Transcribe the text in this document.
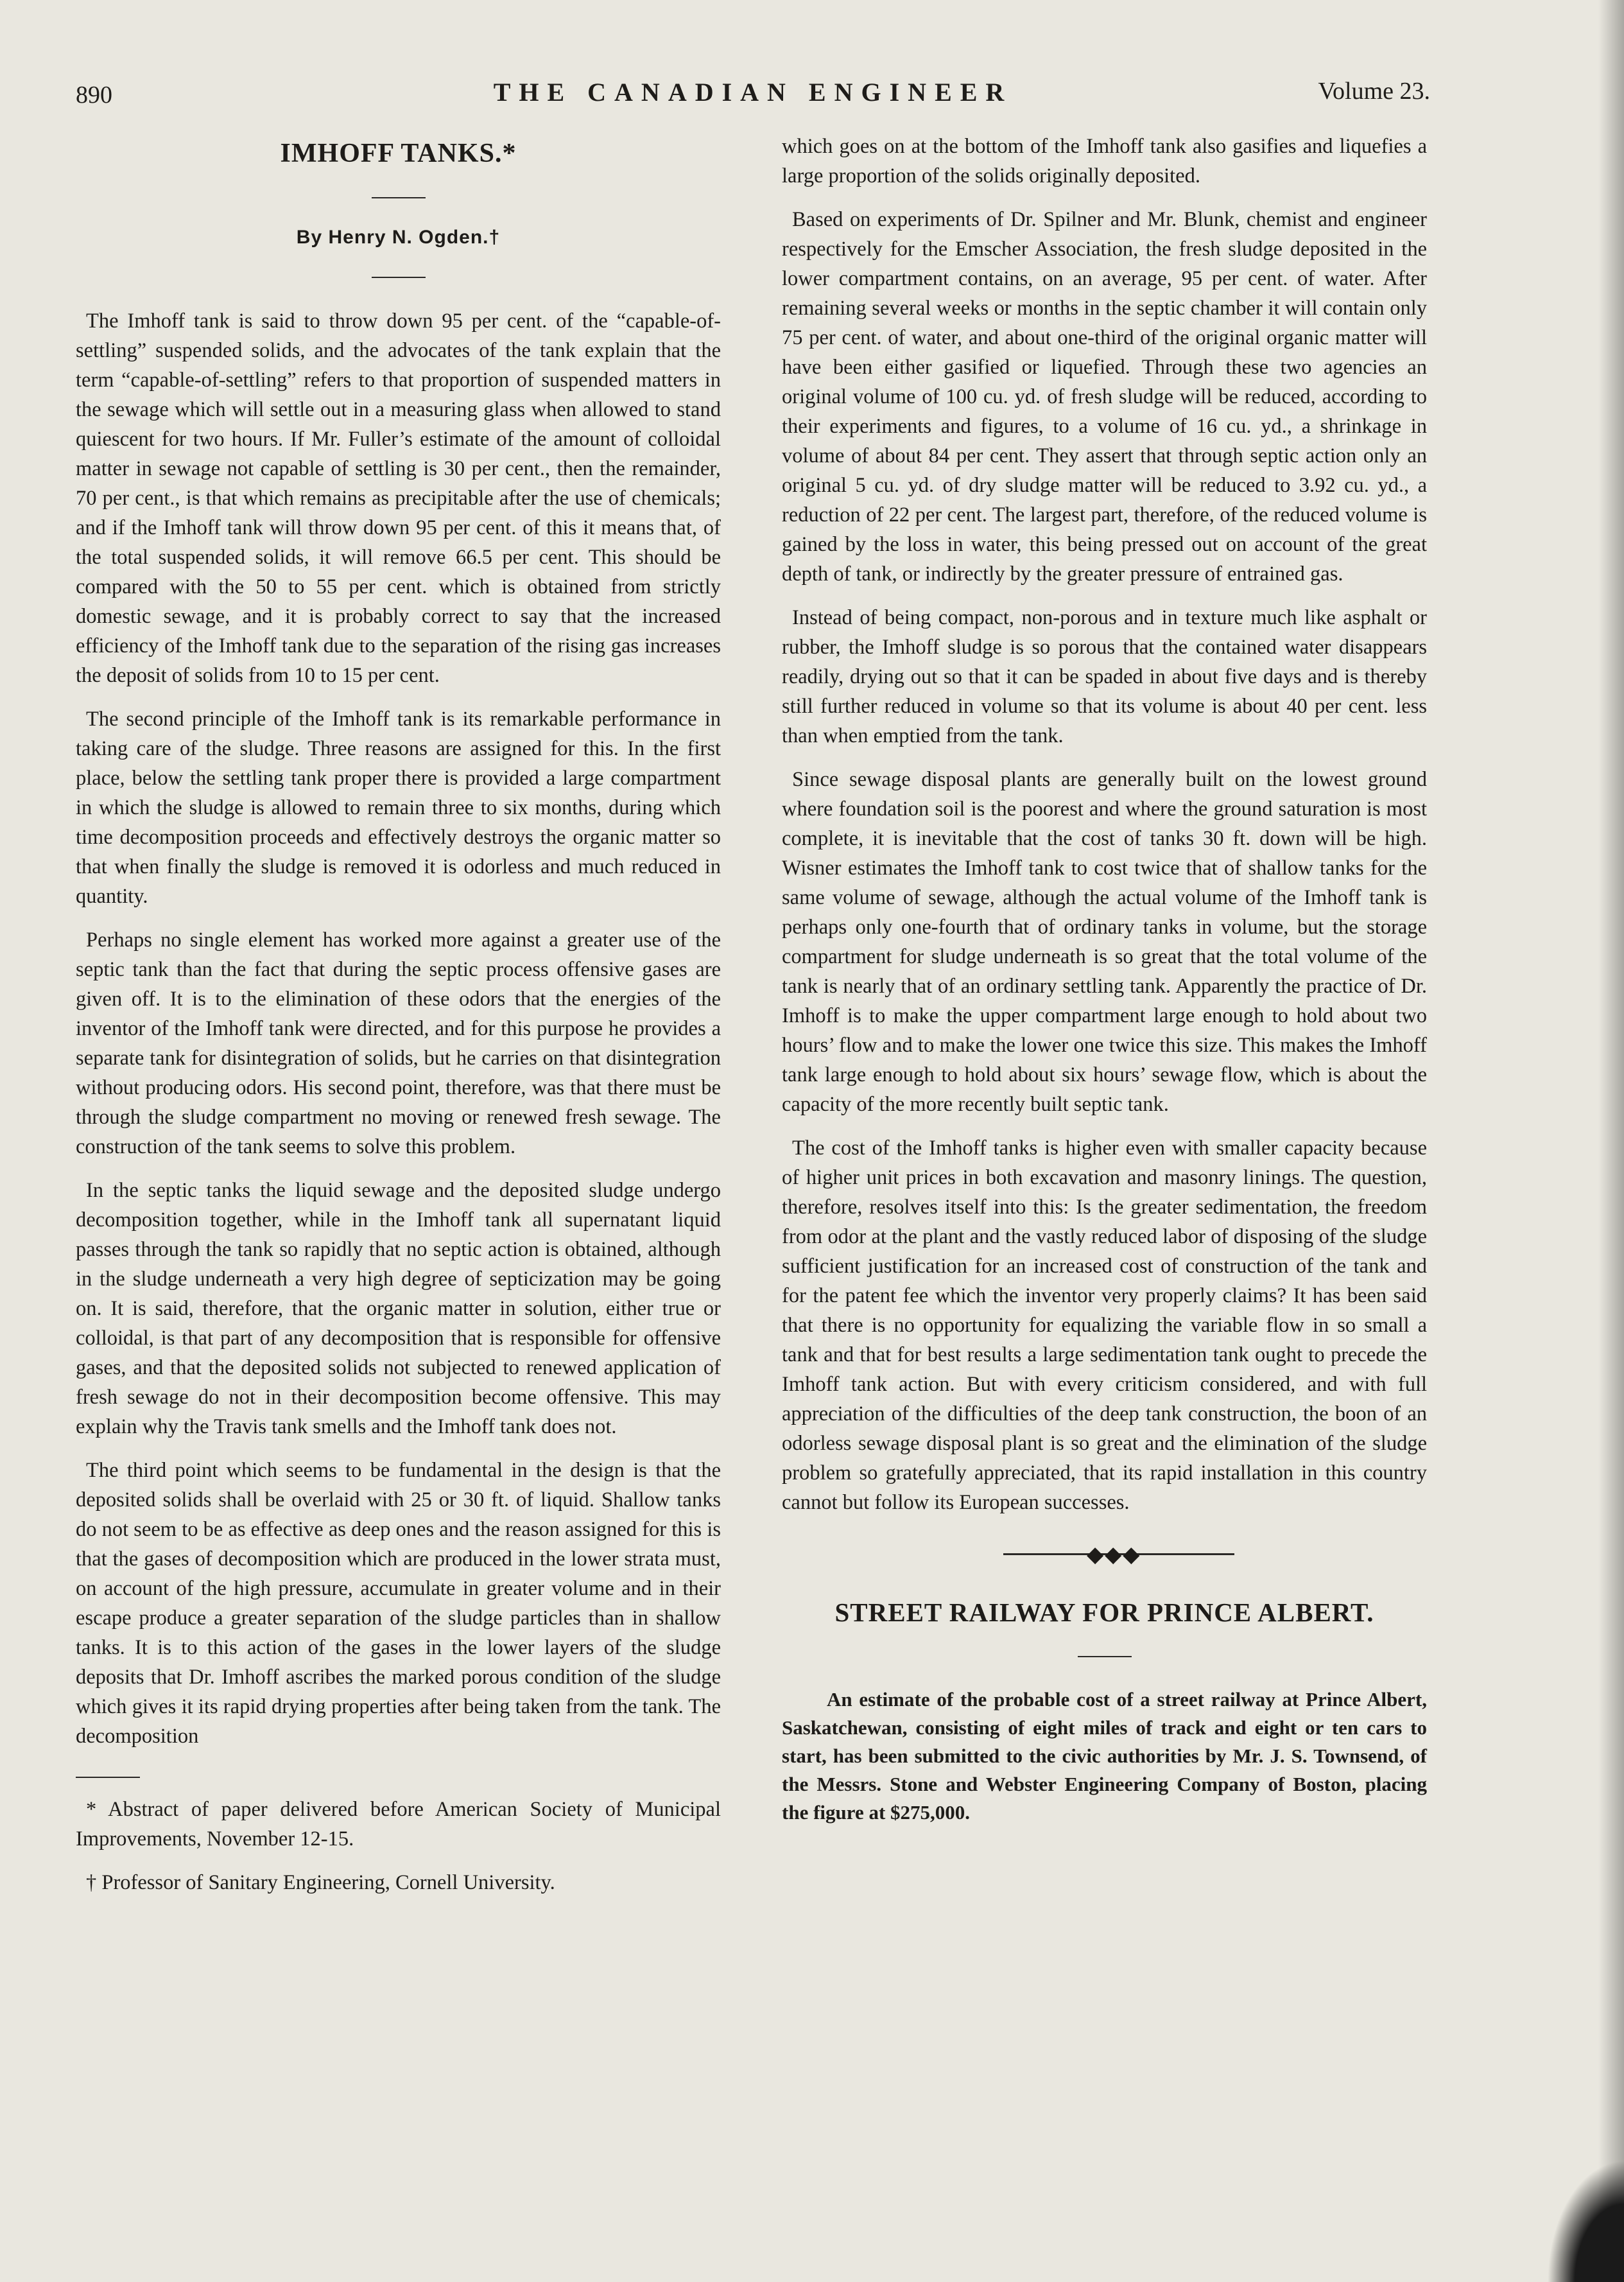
890	THE CANADIAN ENGINEER	Volume 23.
IMHOFF TANKS.*
By Henry N. Ogden.†

The Imhoff tank is said to throw down 95 per cent. of the “capable-of-settling” suspended solids, and the advocates of the tank explain that the term “capable-of-settling” refers to that proportion of suspended matters in the sewage which will settle out in a measuring glass when allowed to stand quiescent for two hours. If Mr. Fuller’s estimate of the amount of colloidal matter in sewage not capable of settling is 30 per cent., then the remainder, 70 per cent., is that which remains as precipitable after the use of chemicals; and if the Imhoff tank will throw down 95 per cent. of this it means that, of the total suspended solids, it will remove 66.5 per cent. This should be compared with the 50 to 55 per cent. which is obtained from strictly domestic sewage, and it is probably correct to say that the increased efficiency of the Imhoff tank due to the separation of the rising gas increases the deposit of solids from 10 to 15 per cent.

The second principle of the Imhoff tank is its remarkable performance in taking care of the sludge. Three reasons are assigned for this. In the first place, below the settling tank proper there is provided a large compartment in which the sludge is allowed to remain three to six months, during which time decomposition proceeds and effectively destroys the organic matter so that when finally the sludge is removed it is odorless and much reduced in quantity.

Perhaps no single element has worked more against a greater use of the septic tank than the fact that during the septic process offensive gases are given off. It is to the elimination of these odors that the energies of the inventor of the Imhoff tank were directed, and for this purpose he provides a separate tank for disintegration of solids, but he carries on that disintegration without producing odors. His second point, therefore, was that there must be through the sludge compartment no moving or renewed fresh sewage. The construction of the tank seems to solve this problem.

In the septic tanks the liquid sewage and the deposited sludge undergo decomposition together, while in the Imhoff tank all supernatant liquid passes through the tank so rapidly that no septic action is obtained, although in the sludge underneath a very high degree of septicization may be going on. It is said, therefore, that the organic matter in solution, either true or colloidal, is that part of any decomposition that is responsible for offensive gases, and that the deposited solids not subjected to renewed application of fresh sewage do not in their decomposition become offensive. This may explain why the Travis tank smells and the Imhoff tank does not.

The third point which seems to be fundamental in the design is that the deposited solids shall be overlaid with 25 or 30 ft. of liquid. Shallow tanks do not seem to be as effective as deep ones and the reason assigned for this is that the gases of decomposition which are produced in the lower strata must, on account of the high pressure, accumulate in greater volume and in their escape produce a greater separation of the sludge particles than in shallow tanks. It is to this action of the gases in the lower layers of the sludge deposits that Dr. Imhoff ascribes the marked porous condition of the sludge which gives it its rapid drying properties after being taken from the tank. The decomposition

* Abstract of paper delivered before American Society of Municipal Improvements, November 12-15.

† Professor of Sanitary Engineering, Cornell University.

which goes on at the bottom of the Imhoff tank also gasifies and liquefies a large proportion of the solids originally deposited.

Based on experiments of Dr. Spilner and Mr. Blunk, chemist and engineer respectively for the Emscher Association, the fresh sludge deposited in the lower compartment contains, on an average, 95 per cent. of water. After remaining several weeks or months in the septic chamber it will contain only 75 per cent. of water, and about one-third of the original organic matter will have been either gasified or liquefied. Through these two agencies an original volume of 100 cu. yd. of fresh sludge will be reduced, according to their experiments and figures, to a volume of 16 cu. yd., a shrinkage in volume of about 84 per cent. They assert that through septic action only an original 5 cu. yd. of dry sludge matter will be reduced to 3.92 cu. yd., a reduction of 22 per cent. The largest part, therefore, of the reduced volume is gained by the loss in water, this being pressed out on account of the great depth of tank, or indirectly by the greater pressure of entrained gas.

Instead of being compact, non-porous and in texture much like asphalt or rubber, the Imhoff sludge is so porous that the contained water disappears readily, drying out so that it can be spaded in about five days and is thereby still further reduced in volume so that its volume is about 40 per cent. less than when emptied from the tank.

Since sewage disposal plants are generally built on the lowest ground where foundation soil is the poorest and where the ground saturation is most complete, it is inevitable that the cost of tanks 30 ft. down will be high. Wisner estimates the Imhoff tank to cost twice that of shallow tanks for the same volume of sewage, although the actual volume of the Imhoff tank is perhaps only one-fourth that of ordinary tanks in volume, but the storage compartment for sludge underneath is so great that the total volume of the tank is nearly that of an ordinary settling tank. Apparently the practice of Dr. Imhoff is to make the upper compartment large enough to hold about two hours’ flow and to make the lower one twice this size. This makes the Imhoff tank large enough to hold about six hours’ sewage flow, which is about the capacity of the more recently built septic tank.

The cost of the Imhoff tanks is higher even with smaller capacity because of higher unit prices in both excavation and masonry linings. The question, therefore, resolves itself into this: Is the greater sedimentation, the freedom from odor at the plant and the vastly reduced labor of disposing of the sludge sufficient justification for an increased cost of construction of the tank and for the patent fee which the inventor very properly claims? It has been said that there is no opportunity for equalizing the variable flow in so small a tank and that for best results a large sedimentation tank ought to precede the Imhoff tank action. But with every criticism considered, and with full appreciation of the difficulties of the deep tank construction, the boon of an odorless sewage disposal plant is so great and the elimination of the sludge problem so gratefully appreciated, that its rapid installation in this country cannot but follow its European successes.

◆◆◆
STREET RAILWAY FOR PRINCE ALBERT.

An estimate of the probable cost of a street railway at Prince Albert, Saskatchewan, consisting of eight miles of track and eight or ten cars to start, has been submitted to the civic authorities by Mr. J. S. Townsend, of the Messrs. Stone and Webster Engineering Company of Boston, placing the figure at $275,000.
